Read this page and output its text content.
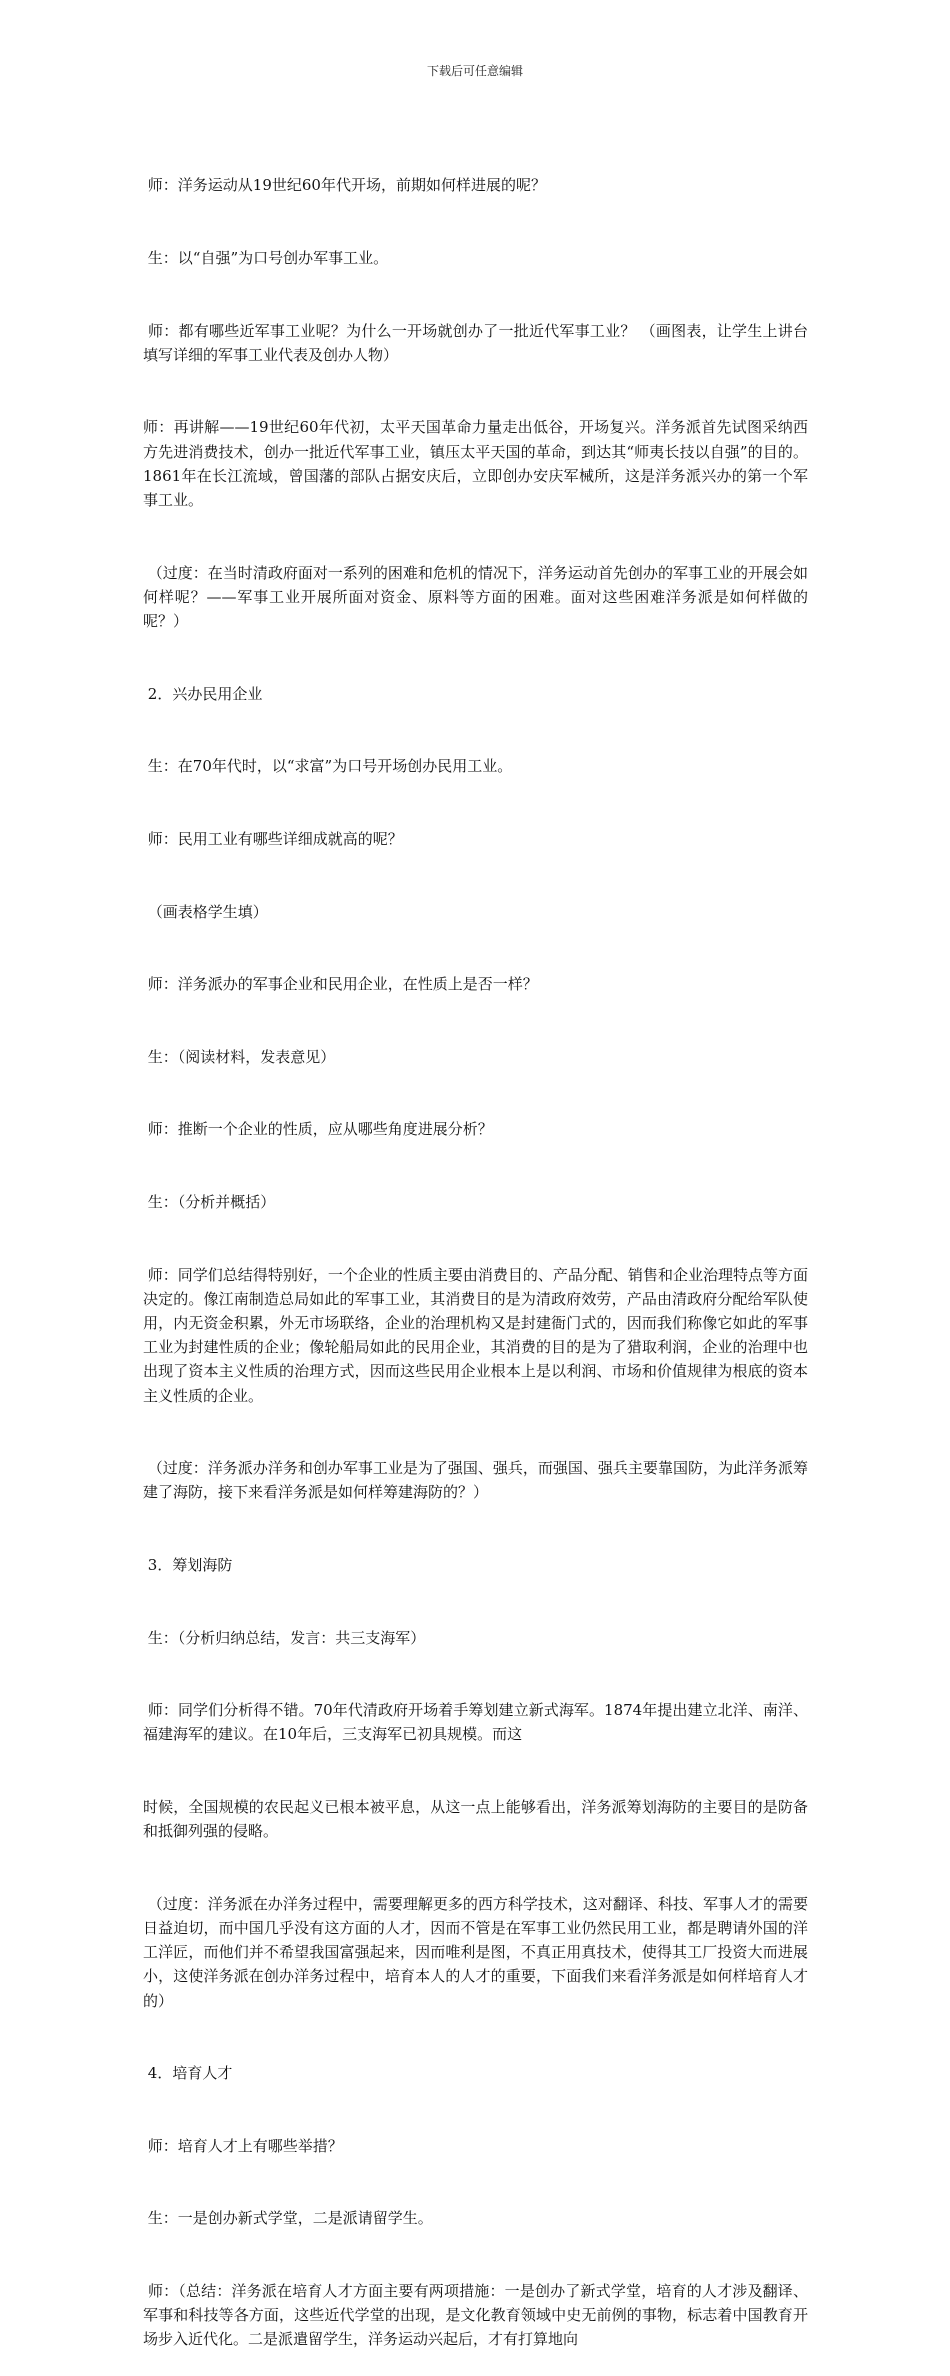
下载后可任意编辑

师：洋务运动从19世纪60年代开场，前期如何样进展的呢？

生：以“自强”为口号创办军事工业。

师：都有哪些近军事工业呢？为什么一开场就创办了一批近代军事工业？ （画图表，让学生上讲台填写详细的军事工业代表及创办人物）

师：再讲解——19世纪60年代初，太平天国革命力量走出低谷，开场复兴。洋务派首先试图采纳西方先进消费技术，创办一批近代军事工业，镇压太平天国的革命，到达其“师夷长技以自强”的目的。1861年在长江流域，曾国藩的部队占据安庆后，立即创办安庆军械所，这是洋务派兴办的第一个军事工业。

（过度：在当时清政府面对一系列的困难和危机的情况下，洋务运动首先创办的军事工业的开展会如何样呢？——军事工业开展所面对资金、原料等方面的困难。面对这些困难洋务派是如何样做的呢？）

2．兴办民用企业

生：在70年代时，以“求富”为口号开场创办民用工业。

师：民用工业有哪些详细成就高的呢？

（画表格学生填）

师：洋务派办的军事企业和民用企业，在性质上是否一样？

生：（阅读材料，发表意见）

师：推断一个企业的性质，应从哪些角度进展分析？

生：（分析并概括）

师：同学们总结得特别好，一个企业的性质主要由消费目的、产品分配、销售和企业治理特点等方面决定的。像江南制造总局如此的军事工业，其消费目的是为清政府效劳，产品由清政府分配给军队使用，内无资金积累，外无市场联络，企业的治理机构又是封建衙门式的，因而我们称像它如此的军事工业为封建性质的企业；像轮船局如此的民用企业，其消费的目的是为了猎取利润，企业的治理中也出现了资本主义性质的治理方式，因而这些民用企业根本上是以利润、市场和价值规律为根底的资本主义性质的企业。

（过度：洋务派办洋务和创办军事工业是为了强国、强兵，而强国、强兵主要靠国防，为此洋务派筹建了海防，接下来看洋务派是如何样筹建海防的？）

3．筹划海防

生：（分析归纳总结，发言：共三支海军）

师：同学们分析得不错。70年代清政府开场着手筹划建立新式海军。1874年提出建立北洋、南洋、福建海军的建议。在10年后，三支海军已初具规模。而这

时候，全国规模的农民起义已根本被平息，从这一点上能够看出，洋务派筹划海防的主要目的是防备和抵御列强的侵略。

（过度：洋务派在办洋务过程中，需要理解更多的西方科学技术，这对翻译、科技、军事人才的需要日益迫切，而中国几乎没有这方面的人才，因而不管是在军事工业仍然民用工业，都是聘请外国的洋工洋匠，而他们并不希望我国富强起来，因而唯利是图，不真正用真技术，使得其工厂投资大而进展小，这使洋务派在创办洋务过程中，培育本人的人才的重要，下面我们来看洋务派是如何样培育人才的）

4．培育人才

师：培育人才上有哪些举措？

生：一是创办新式学堂，二是派请留学生。

师：（总结：洋务派在培育人才方面主要有两项措施：一是创办了新式学堂，培育的人才涉及翻译、军事和科技等各方面，这些近代学堂的出现，是文化教育领域中史无前例的事物，标志着中国教育开场步入近代化。二是派遣留学生，洋务运动兴起后，才有打算地向
